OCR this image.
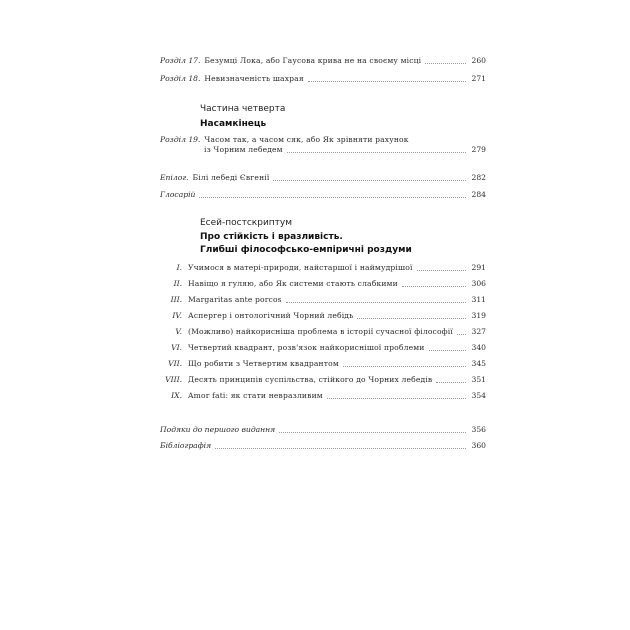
Розділ 17. Безумці Лока, або Гаусова крива не на своєму місці	260
Розділ 18. Невизначеність шахрая	271
Частина четверта
Насамкінець
Розділ 19. Часом так, а часом сяк, або Як зрівняти рахунок
із Чорним лебедем	279
Епілог. Білі лебеді Євгенії	282
Глосарій	284
Есей-постскриптум
Про стійкість і вразливість.
Глибші філософсько-емпіричні роздуми
I. Учимося в матері-природи, найстаршої і наймудрішої	291
II. Навіщо я гуляю, або Як системи стають слабкими	306
III. Margaritas ante porcos	311
IV. Аспергер і онтологічний Чорний лебідь	319
V. (Можливо) найкорисніша проблема в історії сучасної філософії 327
VI. Четвертий квадрант, розв'язок найкориснішої проблеми	340
VII. Що робити з Четвертим квадрантом	345
VIII. Десять принципів суспільства, стійкого до Чорних лебедів	351
IX. Amor fati: як стати невразливим	354
Подяки до першого видання	356
Бібліографія	360
